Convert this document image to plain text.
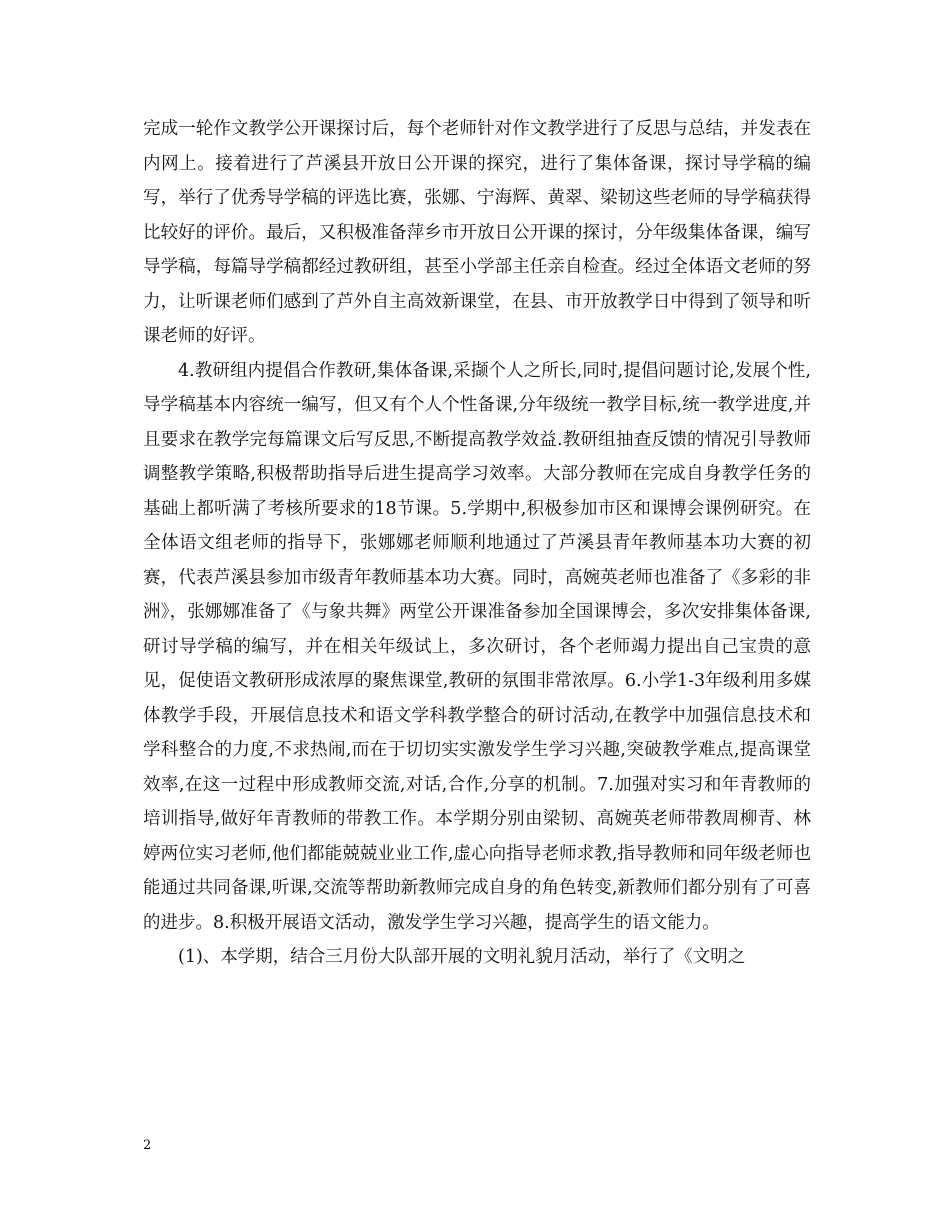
完成一轮作文教学公开课探讨后，每个老师针对作文教学进行了反思与总结，并发表在内网上。接着进行了芦溪县开放日公开课的探究，进行了集体备课，探讨导学稿的编写，举行了优秀导学稿的评选比赛，张娜、宁海辉、黄翠、梁韧这些老师的导学稿获得比较好的评价。最后，又积极准备萍乡市开放日公开课的探讨，分年级集体备课，编写导学稿，每篇导学稿都经过教研组，甚至小学部主任亲自检查。经过全体语文老师的努力，让听课老师们感到了芦外自主高效新课堂，在县、市开放教学日中得到了领导和听课老师的好评。

4.教研组内提倡合作教研,集体备课,采撷个人之所长,同时,提倡问题讨论,发展个性,导学稿基本内容统一编写，但又有个人个性备课,分年级统一教学目标,统一教学进度,并且要求在教学完每篇课文后写反思,不断提高教学效益.教研组抽查反馈的情况引导教师调整教学策略,积极帮助指导后进生提高学习效率。大部分教师在完成自身教学任务的基础上都听满了考核所要求的18节课。5.学期中,积极参加市区和课博会课例研究。在全体语文组老师的指导下，张娜娜老师顺利地通过了芦溪县青年教师基本功大赛的初赛，代表芦溪县参加市级青年教师基本功大赛。同时，高婉英老师也准备了《多彩的非洲》，张娜娜准备了《与象共舞》两堂公开课准备参加全国课博会，多次安排集体备课,研讨导学稿的编写，并在相关年级试上，多次研讨，各个老师竭力提出自己宝贵的意见，促使语文教研形成浓厚的聚焦课堂,教研的氛围非常浓厚。6.小学1-3年级利用多媒体教学手段，开展信息技术和语文学科教学整合的研讨活动,在教学中加强信息技术和学科整合的力度,不求热闹,而在于切切实实激发学生学习兴趣,突破教学难点,提高课堂效率,在这一过程中形成教师交流,对话,合作,分享的机制。7.加强对实习和年青教师的培训指导,做好年青教师的带教工作。本学期分别由梁韧、高婉英老师带教周柳青、林婷两位实习老师,他们都能兢兢业业工作,虚心向指导老师求教,指导教师和同年级老师也能通过共同备课,听课,交流等帮助新教师完成自身的角色转变,新教师们都分别有了可喜的进步。8.积极开展语文活动，激发学生学习兴趣，提高学生的语文能力。

(1)、本学期，结合三月份大队部开展的文明礼貌月活动，举行了《文明之

2
